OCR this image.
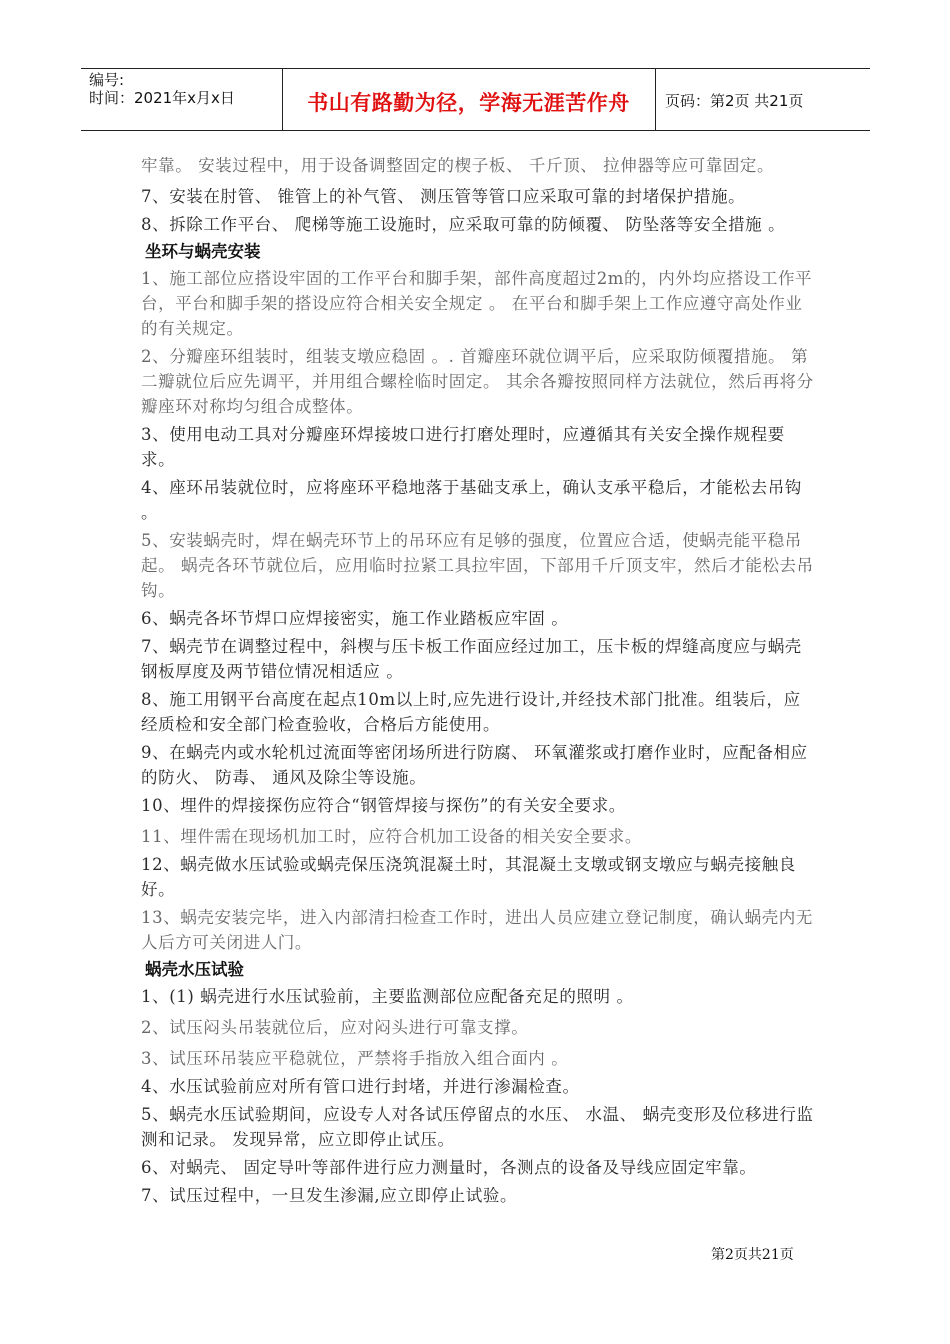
编号:
时间：2021年x月x日	书山有路勤为径，学海无涯苦作舟	页码：第2页 共21页

牢靠。 安装过程中，用于设备调整固定的楔子板、 千斤顶、 拉伸器等应可靠固定。

7、安装在肘管、 锥管上的补气管、 测压管等管口应采取可靠的封堵保护措施。

8、拆除工作平台、 爬梯等施工设施时，应采取可靠的防倾覆、 防坠落等安全措施 。

坐环与蜗壳安装

1、施工部位应搭设牢固的工作平台和脚手架，部件高度超过2m的，内外均应搭设工作平台，平台和脚手架的搭设应符合相关安全规定 。 在平台和脚手架上工作应遵守高处作业的有关规定。

2、分瓣座环组装时，组装支墩应稳固 。. 首瓣座环就位调平后，应采取防倾覆措施。 第二瓣就位后应先调平，并用组合螺栓临时固定。 其余各瓣按照同样方法就位，然后再将分瓣座环对称均匀组合成整体。

3、使用电动工具对分瓣座环焊接坡口进行打磨处理时，应遵循其有关安全操作规程要求。

4、座环吊装就位时，应将座环平稳地落于基础支承上，确认支承平稳后，才能松去吊钩 。

5、安装蜗壳时，焊在蜗壳环节上的吊环应有足够的强度，位置应合适，使蜗壳能平稳吊起。 蜗壳各环节就位后，应用临时拉紧工具拉牢固，下部用千斤顶支牢，然后才能松去吊钩。

6、蜗壳各坏节焊口应焊接密实，施工作业踏板应牢固 。

7、蜗壳节在调整过程中，斜楔与压卡板工作面应经过加工，压卡板的焊缝高度应与蜗壳钢板厚度及两节错位情况相适应 。

8、施工用钢平台高度在起点10m以上时,应先进行设计,并经技术部门批准。组装后，应经质检和安全部门检查验收，合格后方能使用。

9、在蜗壳内或水轮机过流面等密闭场所进行防腐、 环氧灌浆或打磨作业时，应配备相应的防火、 防毒、 通风及除尘等设施。

10、埋件的焊接探伤应符合“钢管焊接与探伤”的有关安全要求。

11、埋件需在现场机加工时，应符合机加工设备的相关安全要求。

12、蜗壳做水压试验或蜗壳保压浇筑混凝土时，其混凝土支墩或钢支墩应与蜗壳接触良好。

13、蜗壳安装完毕，进入内部清扫检查工作时，进出人员应建立登记制度，确认蜗壳内无人后方可关闭进人门。

蜗壳水压试验

1、(1) 蜗壳进行水压试验前，主要监测部位应配备充足的照明 。

2、试压闷头吊装就位后，应对闷头进行可靠支撑。

3、试压环吊装应平稳就位，严禁将手指放入组合面内 。

4、水压试验前应对所有管口进行封堵，并进行渗漏检查。

5、蜗壳水压试验期间，应设专人对各试压停留点的水压、 水温、 蜗壳变形及位移进行监测和记录。 发现异常，应立即停止试压。

6、对蜗壳、 固定导叶等部件进行应力测量时，各测点的设备及导线应固定牢靠。

7、试压过程中，一旦发生渗漏,应立即停止试验。

第2页共21页
